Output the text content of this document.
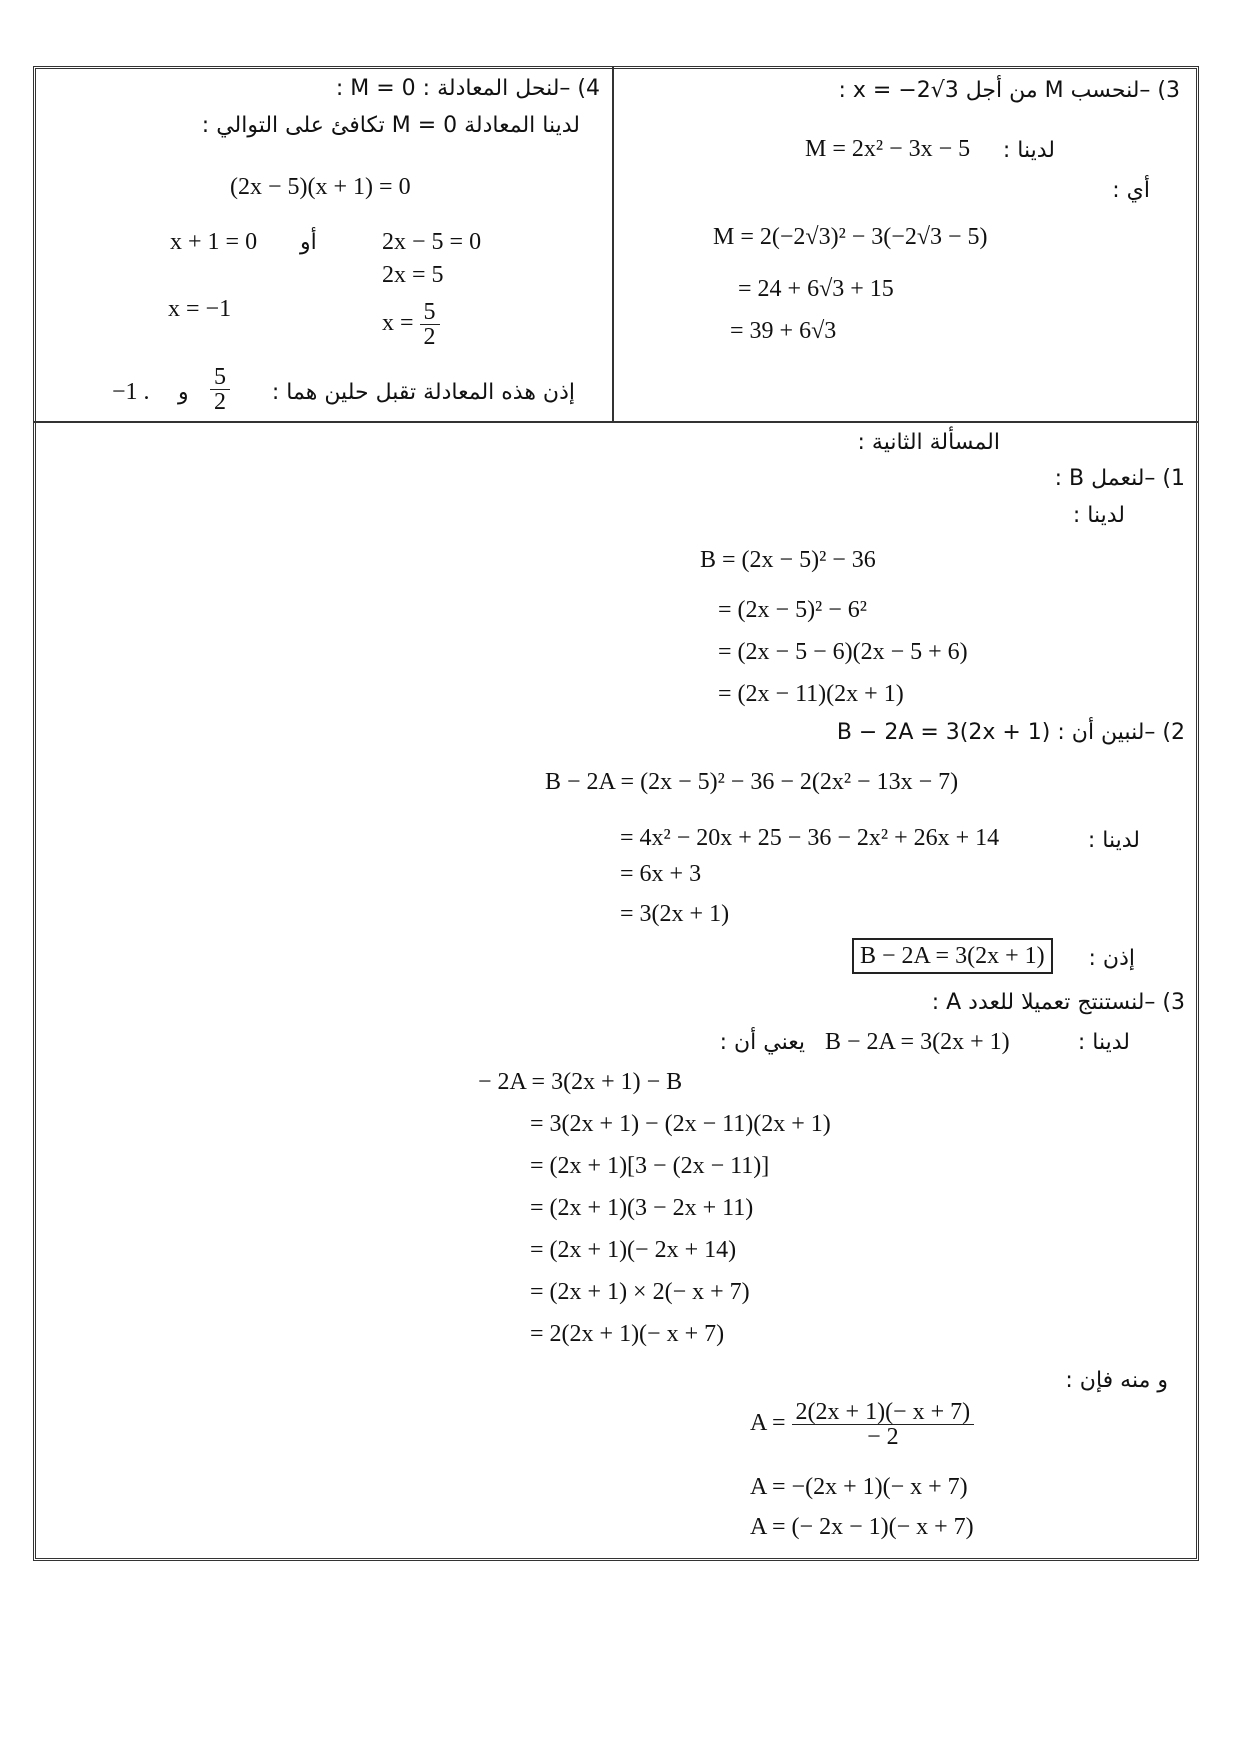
3) –لنحسب M من أجل x = −2√3 :
لدينا :
M = 2x² − 3x − 5
أي :
M = 2(−2√3)² − 3(−2√3 − 5)
= 24 + 6√3 + 15
= 39 + 6√3
4) –لنحل المعادلة : M = 0 :
لدينا المعادلة M = 0 تكافئ على التوالي :
(2x − 5)(x + 1) = 0
2x − 5 = 0
أو
x + 1 = 0
2x = 5
x = −1
$x = \frac{5}{2}$
إذن هذه المعادلة تقبل حلين هما :
$\frac{5}{2}$
و
−1 .
المسألة الثانية :
1) –لنعمل B :
لدينا :
B = (2x − 5)² − 36
= (2x − 5)² − 6²
= (2x − 5 − 6)(2x − 5 + 6)
= (2x − 11)(2x + 1)
2) –لنبين أن : B − 2A = 3(2x + 1)
B − 2A = (2x − 5)² − 36 − 2(2x² − 13x − 7)
لدينا :
= 4x² − 20x + 25 − 36 − 2x² + 26x + 14
= 6x + 3
= 3(2x + 1)
إذن :
B − 2A = 3(2x + 1)
3) –لنستنتج تعميلا للعدد A :
لدينا :
B − 2A = 3(2x + 1)
يعني أن :
− 2A = 3(2x + 1) − B
= 3(2x + 1) − (2x − 11)(2x + 1)
= (2x + 1)[3 − (2x − 11)]
= (2x + 1)(3 − 2x + 11)
= (2x + 1)(− 2x + 14)
= (2x + 1) × 2(− x + 7)
= 2(2x + 1)(− x + 7)
و منه فإن :
$A = \frac{2(2x + 1)(- x + 7)}{- 2}$
A = −(2x + 1)(− x + 7)
A = (− 2x − 1)(− x + 7)
